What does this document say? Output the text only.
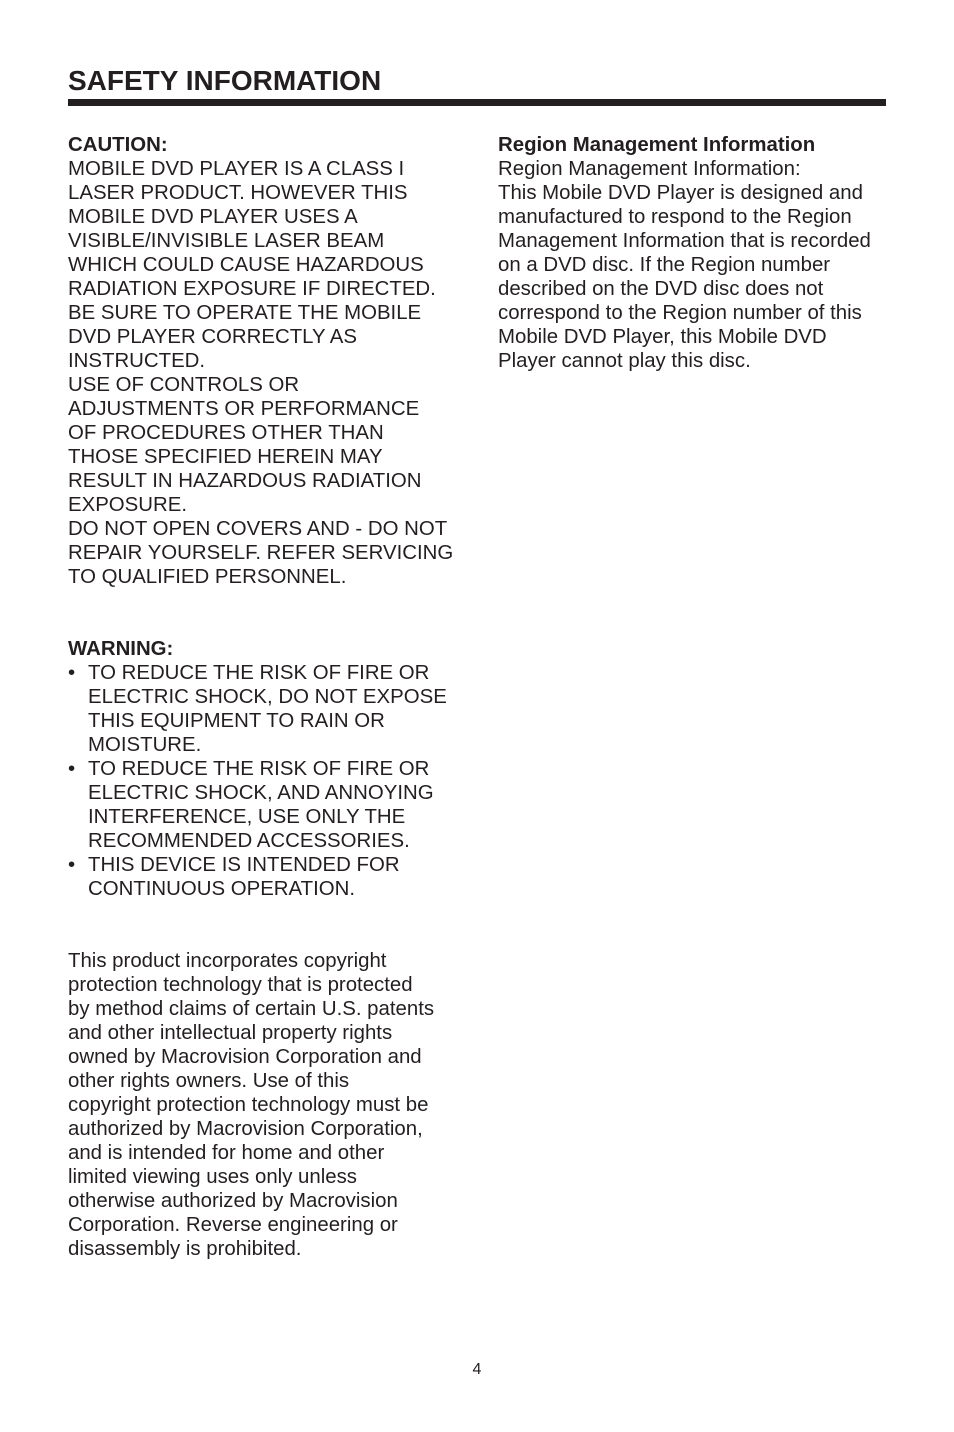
SAFETY INFORMATION
CAUTION:
MOBILE DVD PLAYER IS A CLASS I
LASER PRODUCT. HOWEVER THIS
MOBILE DVD PLAYER USES A
VISIBLE/INVISIBLE LASER BEAM
WHICH COULD CAUSE HAZARDOUS
RADIATION EXPOSURE IF DIRECTED.
BE SURE TO OPERATE THE MOBILE
DVD PLAYER CORRECTLY AS
INSTRUCTED.
USE OF CONTROLS OR
ADJUSTMENTS OR PERFORMANCE
OF PROCEDURES OTHER THAN
THOSE SPECIFIED HEREIN MAY
RESULT IN HAZARDOUS RADIATION
EXPOSURE.
DO NOT OPEN COVERS AND - DO NOT
REPAIR YOURSELF. REFER SERVICING
TO QUALIFIED PERSONNEL.
WARNING:
• TO REDUCE THE RISK OF FIRE OR
ELECTRIC SHOCK, DO NOT EXPOSE
THIS EQUIPMENT TO RAIN OR
MOISTURE.
• TO REDUCE THE RISK OF FIRE OR
ELECTRIC SHOCK, AND ANNOYING
INTERFERENCE, USE ONLY THE
RECOMMENDED ACCESSORIES.
• THIS DEVICE IS INTENDED FOR
CONTINUOUS OPERATION.
This product incorporates copyright
protection technology that is protected
by method claims of certain U.S. patents
and other intellectual property rights
owned by Macrovision Corporation and
other rights owners. Use of this
copyright protection technology must be
authorized by Macrovision Corporation,
and is intended for home and other
limited viewing uses only unless
otherwise authorized by Macrovision
Corporation. Reverse engineering or
disassembly is prohibited.
Region Management Information
Region Management Information:
This Mobile DVD Player is designed and
manufactured to respond to the Region
Management Information that is recorded
on a DVD disc. If the Region number
described on the DVD disc does not
correspond to the Region number of this
Mobile DVD Player, this Mobile DVD
Player cannot play this disc.
4
